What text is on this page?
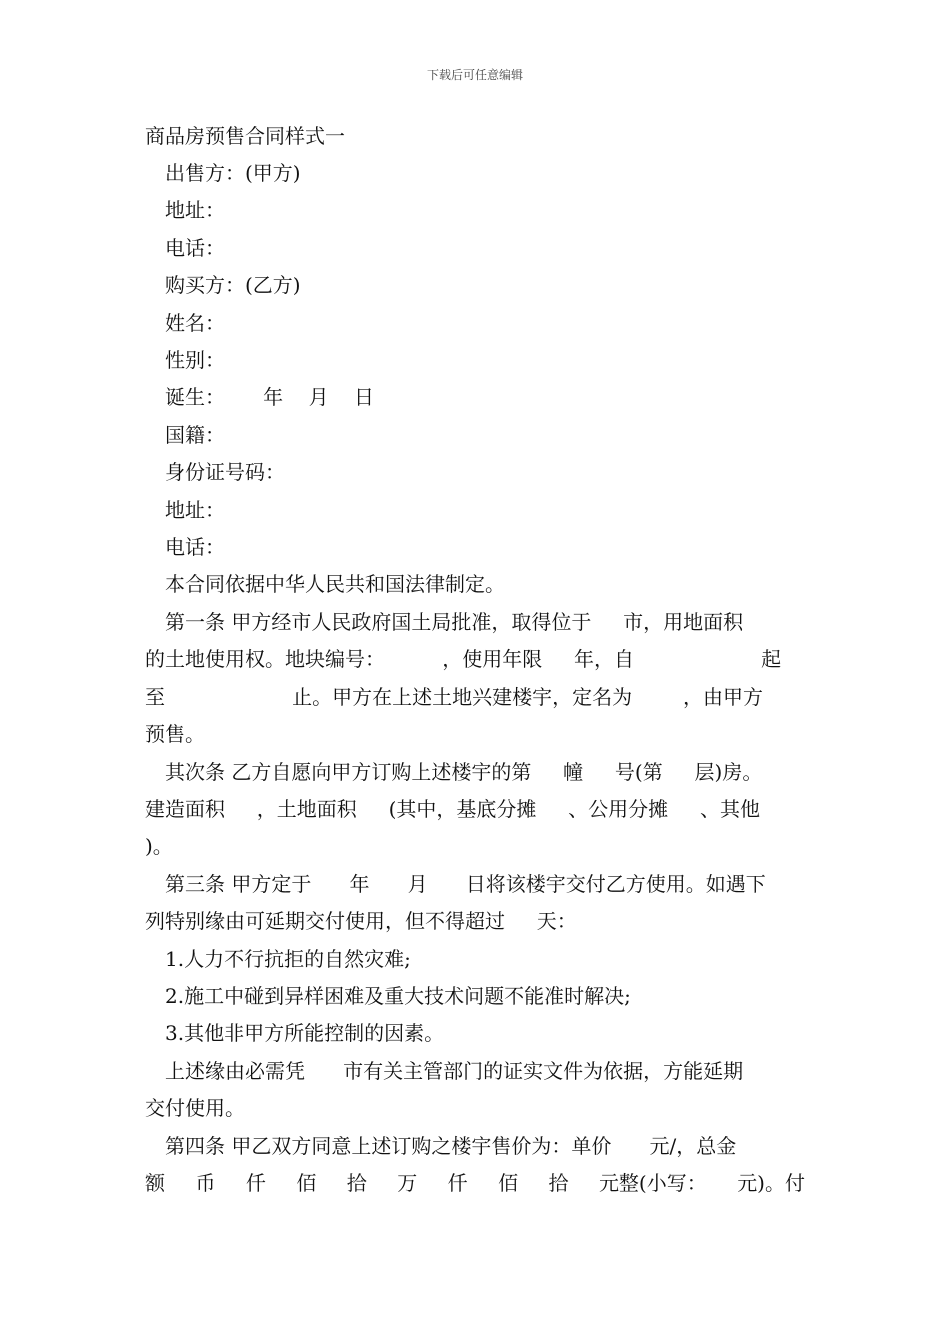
下载后可任意编辑
商品房预售合同样式一

出售方：(甲方)

地址：

电话：

购买方：(乙方)

姓名：

性别：

诞生：      年    月    日

国籍：

身份证号码：

地址：

电话：

本合同依据中华人民共和国法律制定。

第一条 甲方经市人民政府国土局批准，取得位于     市，用地面积

的土地使用权。地块编号：         ，使用年限     年，自                    起

至                    止。甲方在上述土地兴建楼宇，定名为        ，由甲方

预售。

其次条 乙方自愿向甲方订购上述楼宇的第     幢     号(第     层)房。

建造面积     ，土地面积     (其中，基底分摊     、公用分摊     、其他

)。

第三条 甲方定于      年      月      日将该楼宇交付乙方使用。如遇下

列特别缘由可延期交付使用，但不得超过     天：

1.人力不行抗拒的自然灾难;

2.施工中碰到异样困难及重大技术问题不能准时解决;

3.其他非甲方所能控制的因素。

上述缘由必需凭      市有关主管部门的证实文件为依据，方能延期

交付使用。

第四条 甲乙双方同意上述订购之楼宇售价为：单价      元/，总金

额 币 仟 佰 拾 万 仟 佰 拾 元整(小写： 元)。付
